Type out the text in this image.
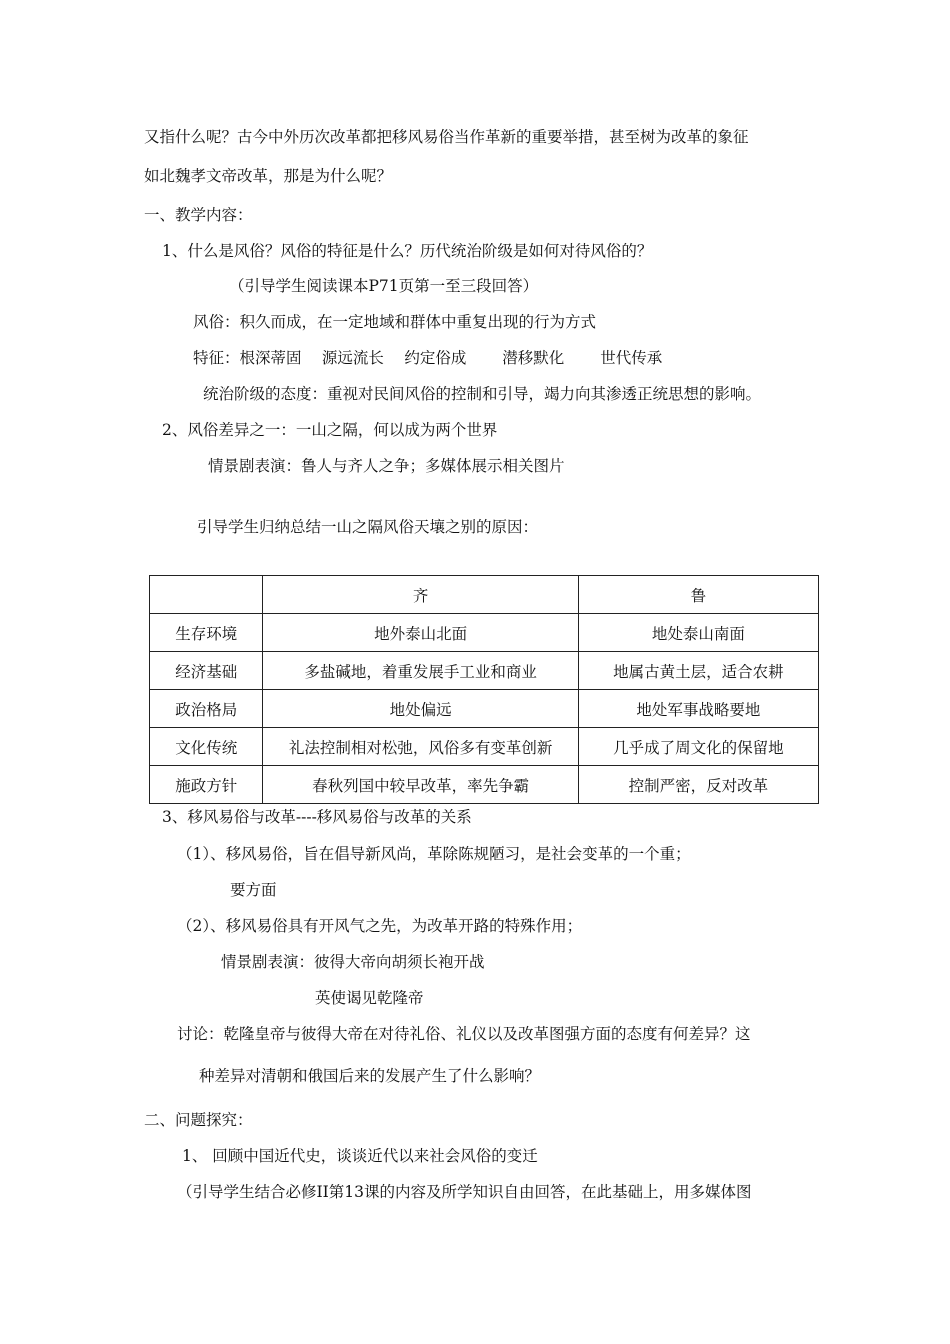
又指什么呢？古今中外历次改革都把移风易俗当作革新的重要举措，甚至树为改革的象征
如北魏孝文帝改革，那是为什么呢？
一、教学内容：
1、什么是风俗？风俗的特征是什么？历代统治阶级是如何对待风俗的？
（引导学生阅读课本P71页第一至三段回答）
风俗：积久而成，在一定地域和群体中重复出现的行为方式
特征：根深蒂固　 源远流长 　约定俗成　 　潜移默化 　　世代传承
统治阶级的态度：重视对民间风俗的控制和引导，竭力向其渗透正统思想的影响。
2、风俗差异之一：一山之隔，何以成为两个世界
情景剧表演：鲁人与齐人之争；多媒体展示相关图片
引导学生归纳总结一山之隔风俗天壤之别的原因：
	齐	鲁
生存环境	地外泰山北面	地处泰山南面
经济基础	多盐碱地，着重发展手工业和商业	地属古黄土层，适合农耕
政治格局	地处偏远	地处军事战略要地
文化传统	礼法控制相对松弛，风俗多有变革创新	几乎成了周文化的保留地
施政方针	春秋列国中较早改革，率先争霸	控制严密，反对改革
3、移风易俗与改革----移风易俗与改革的关系
（1）、移风易俗，旨在倡导新风尚，革除陈规陋习，是社会变革的一个重；
要方面
（2）、移风易俗具有开风气之先，为改革开路的特殊作用；
情景剧表演：彼得大帝向胡须长袍开战
英使谒见乾隆帝
讨论：乾隆皇帝与彼得大帝在对待礼俗、礼仪以及改革图强方面的态度有何差异？这
种差异对清朝和俄国后来的发展产生了什么影响？
二、问题探究：
1、 回顾中国近代史，谈谈近代以来社会风俗的变迁
（引导学生结合必修II第13课的内容及所学知识自由回答，在此基础上，用多媒体图
